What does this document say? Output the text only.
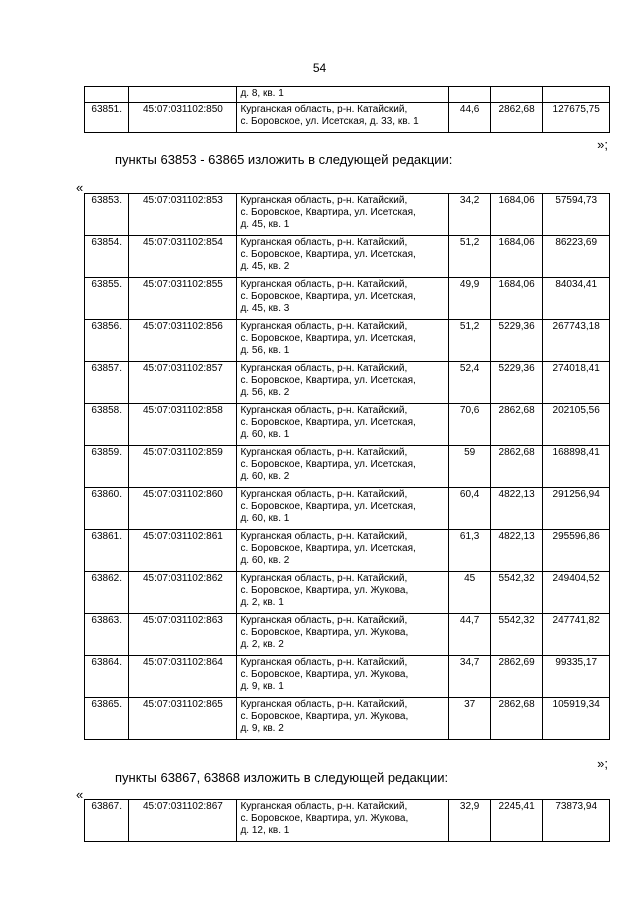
54
		д. 8, кв. 1			
63851.	45:07:031102:850	Курганская область, р-н. Катайский,
с. Боровское, ул. Исетская, д. 33, кв. 1	44,6	2862,68	127675,75
»;
пункты 63853 - 63865 изложить в следующей редакции:
«
63853.	45:07:031102:853	Курганская область, р-н. Катайский,
с. Боровское, Квартира, ул. Исетская,
д. 45, кв. 1	34,2	1684,06	57594,73
63854.	45:07:031102:854	Курганская область, р-н. Катайский,
с. Боровское, Квартира, ул. Исетская,
д. 45, кв. 2	51,2	1684,06	86223,69
63855.	45:07:031102:855	Курганская область, р-н. Катайский,
с. Боровское, Квартира, ул. Исетская,
д. 45, кв. 3	49,9	1684,06	84034,41
63856.	45:07:031102:856	Курганская область, р-н. Катайский,
с. Боровское, Квартира, ул. Исетская,
д. 56, кв. 1	51,2	5229,36	267743,18
63857.	45:07:031102:857	Курганская область, р-н. Катайский,
с. Боровское, Квартира, ул. Исетская,
д. 56, кв. 2	52,4	5229,36	274018,41
63858.	45:07:031102:858	Курганская область, р-н. Катайский,
с. Боровское, Квартира, ул. Исетская,
д. 60, кв. 1	70,6	2862,68	202105,56
63859.	45:07:031102:859	Курганская область, р-н. Катайский,
с. Боровское, Квартира, ул. Исетская,
д. 60, кв. 2	59	2862,68	168898,41
63860.	45:07:031102:860	Курганская область, р-н. Катайский,
с. Боровское, Квартира, ул. Исетская,
д. 60, кв. 1	60,4	4822,13	291256,94
63861.	45:07:031102:861	Курганская область, р-н. Катайский,
с. Боровское, Квартира, ул. Исетская,
д. 60, кв. 2	61,3	4822,13	295596,86
63862.	45:07:031102:862	Курганская область, р-н. Катайский,
с. Боровское, Квартира, ул. Жукова,
д. 2, кв. 1	45	5542,32	249404,52
63863.	45:07:031102:863	Курганская область, р-н. Катайский,
с. Боровское, Квартира, ул. Жукова,
д. 2, кв. 2	44,7	5542,32	247741,82
63864.	45:07:031102:864	Курганская область, р-н. Катайский,
с. Боровское, Квартира, ул. Жукова,
д. 9, кв. 1	34,7	2862,69	99335,17
63865.	45:07:031102:865	Курганская область, р-н. Катайский,
с. Боровское, Квартира, ул. Жукова,
д. 9, кв. 2	37	2862,68	105919,34
»;
пункты 63867, 63868 изложить в следующей редакции:
«
63867.	45:07:031102:867	Курганская область, р-н. Катайский,
с. Боровское, Квартира, ул. Жукова,
д. 12, кв. 1	32,9	2245,41	73873,94
